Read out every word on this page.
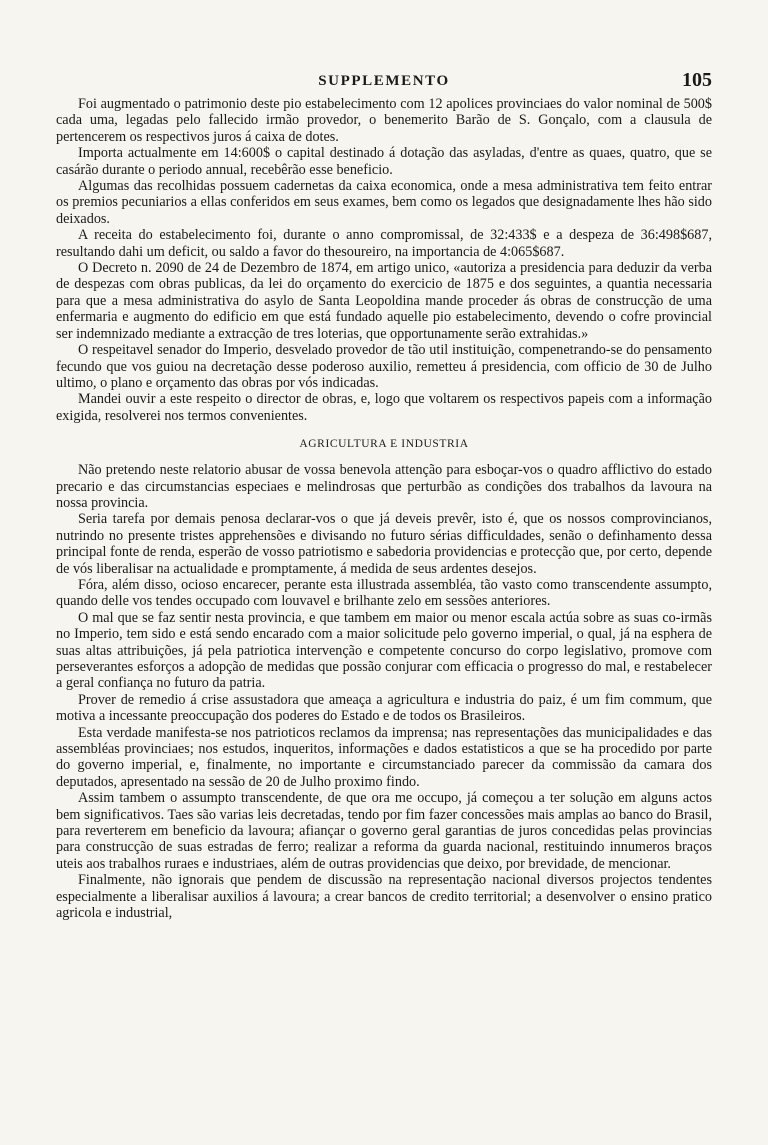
SUPPLEMENTO	105

Foi augmentado o patrimonio deste pio estabelecimento com 12 apolices provinciaes do valor nominal de 500$ cada uma, legadas pelo fallecido irmão provedor, o benemerito Barão de S. Gonçalo, com a clausula de pertencerem os respectivos juros á caixa de dotes.

Importa actualmente em 14:600$ o capital destinado á dotação das asyladas, d'entre as quaes, quatro, que se casárão durante o periodo annual, recebêrão esse beneficio.

Algumas das recolhidas possuem cadernetas da caixa economica, onde a mesa administrativa tem feito entrar os premios pecuniarios a ellas conferidos em seus exames, bem como os legados que designadamente lhes hão sido deixados.

A receita do estabelecimento foi, durante o anno compromissal, de 32:433$ e a despeza de 36:498$687, resultando dahi um deficit, ou saldo a favor do thesoureiro, na importancia de 4:065$687.

O Decreto n. 2090 de 24 de Dezembro de 1874, em artigo unico, «autoriza a presidencia para deduzir da verba de despezas com obras publicas, da lei do orçamento do exercicio de 1875 e dos seguintes, a quantia necessaria para que a mesa administrativa do asylo de Santa Leopoldina mande proceder ás obras de construcção de uma enfermaria e augmento do edificio em que está fundado aquelle pio estabelecimento, devendo o cofre provincial ser indemnizado mediante a extracção de tres loterias, que opportunamente serão extrahidas.»

O respeitavel senador do Imperio, desvelado provedor de tão util instituição, compenetrando-se do pensamento fecundo que vos guiou na decretação desse poderoso auxilio, remetteu á presidencia, com officio de 30 de Julho ultimo, o plano e orçamento das obras por vós indicadas.

Mandei ouvir a este respeito o director de obras, e, logo que voltarem os respectivos papeis com a informação exigida, resolverei nos termos convenientes.

AGRICULTURA E INDUSTRIA

Não pretendo neste relatorio abusar de vossa benevola attenção para esboçar-vos o quadro afflictivo do estado precario e das circumstancias especiaes e melindrosas que perturbão as condições dos trabalhos da lavoura na nossa provincia.

Seria tarefa por demais penosa declarar-vos o que já deveis prevêr, isto é, que os nossos comprovincianos, nutrindo no presente tristes apprehensões e divisando no futuro sérias difficuldades, senão o definhamento dessa principal fonte de renda, esperão de vosso patriotismo e sabedoria providencias e protecção que, por certo, depende de vós liberalisar na actualidade e promptamente, á medida de seus ardentes desejos.

Fóra, além disso, ocioso encarecer, perante esta illustrada assembléa, tão vasto como transcendente assumpto, quando delle vos tendes occupado com louvavel e brilhante zelo em sessões anteriores.

O mal que se faz sentir nesta provincia, e que tambem em maior ou menor escala actúa sobre as suas co-irmãs no Imperio, tem sido e está sendo encarado com a maior solicitude pelo governo imperial, o qual, já na esphera de suas altas attribuições, já pela patriotica intervenção e competente concurso do corpo legislativo, promove com perseverantes esforços a adopção de medidas que possão conjurar com efficacia o progresso do mal, e restabelecer a geral confiança no futuro da patria.

Prover de remedio á crise assustadora que ameaça a agricultura e industria do paiz, é um fim commum, que motiva a incessante preoccupação dos poderes do Estado e de todos os Brasileiros.

Esta verdade manifesta-se nos patrioticos reclamos da imprensa; nas representações das municipalidades e das assembléas provinciaes; nos estudos, inqueritos, informações e dados estatisticos a que se ha procedido por parte do governo imperial, e, finalmente, no importante e circumstanciado parecer da commissão da camara dos deputados, apresentado na sessão de 20 de Julho proximo findo.

Assim tambem o assumpto transcendente, de que ora me occupo, já começou a ter solução em alguns actos bem significativos. Taes são varias leis decretadas, tendo por fim fazer concessões mais amplas ao banco do Brasil, para reverterem em beneficio da lavoura; afiançar o governo geral garantias de juros concedidas pelas provincias para construcção de suas estradas de ferro; realizar a reforma da guarda nacional, restituindo innumeros braços uteis aos trabalhos ruraes e industriaes, além de outras providencias que deixo, por brevidade, de mencionar.

Finalmente, não ignorais que pendem de discussão na representação nacional diversos projectos tendentes especialmente a liberalisar auxilios á lavoura; a crear bancos de credito territorial; a desenvolver o ensino pratico agricola e industrial,
